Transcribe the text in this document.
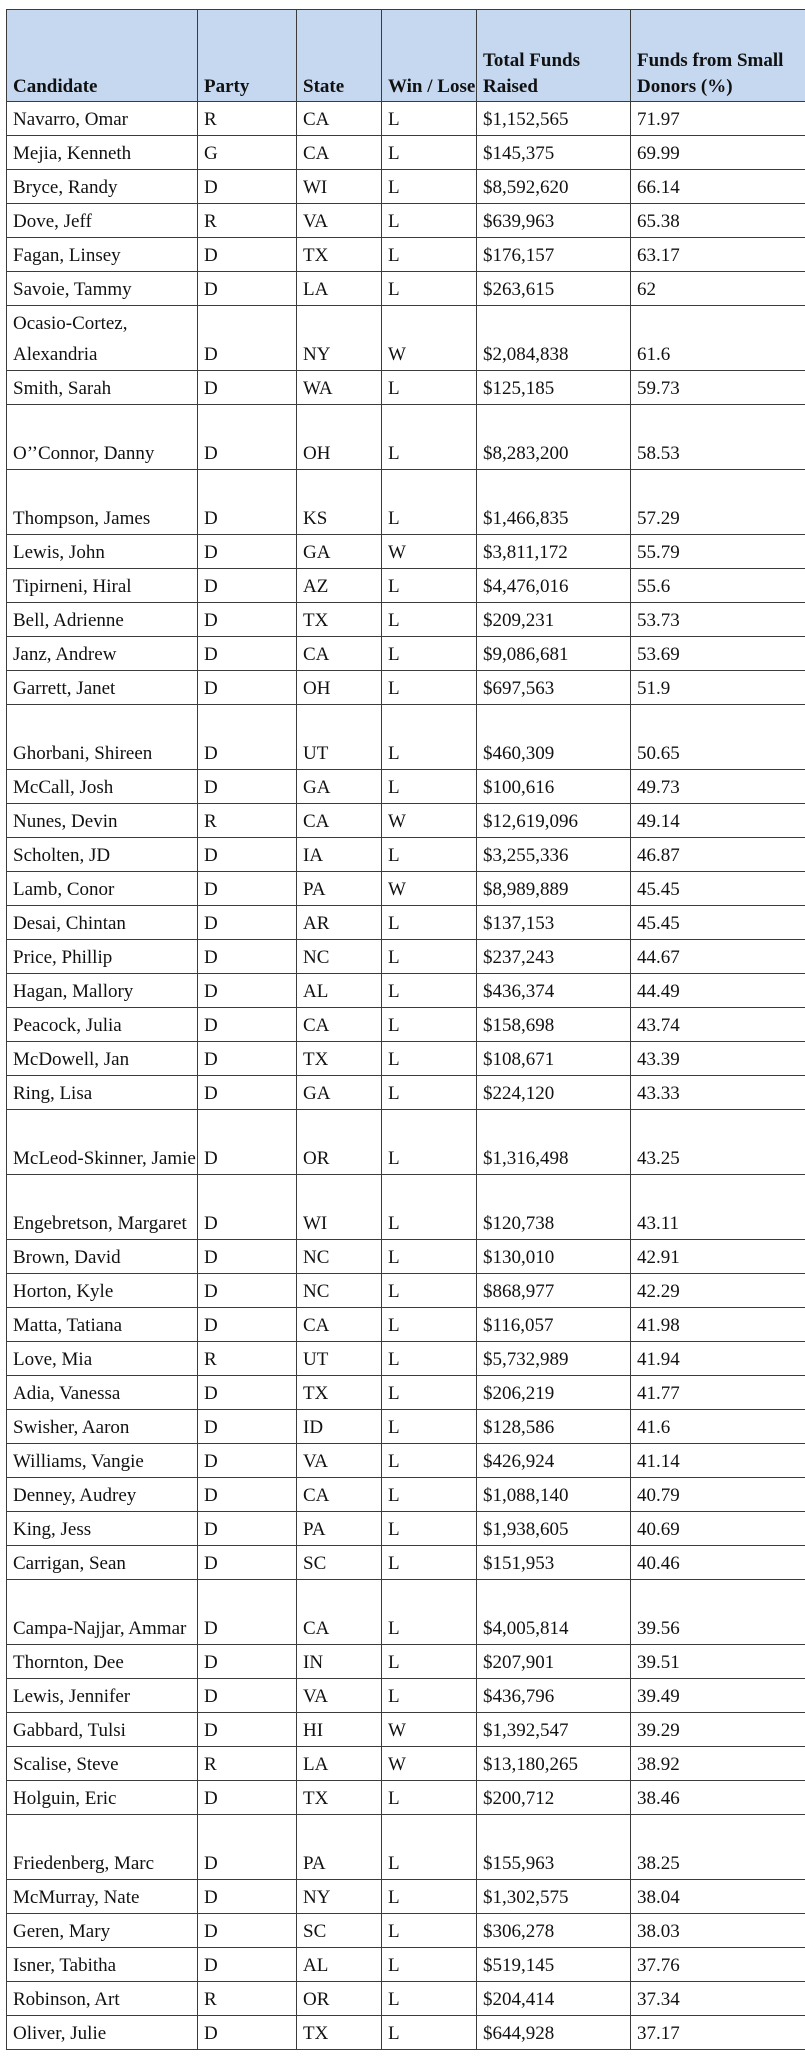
Candidate	Party	State	Win / Lose	Total Funds Raised	Funds from Small Donors (%)
Navarro, Omar	R	CA	L	$1,152,565	71.97
Mejia, Kenneth	G	CA	L	$145,375	69.99
Bryce, Randy	D	WI	L	$8,592,620	66.14
Dove, Jeff	R	VA	L	$639,963	65.38
Fagan, Linsey	D	TX	L	$176,157	63.17
Savoie, Tammy	D	LA	L	$263,615	62
Ocasio-Cortez, Alexandria	D	NY	W	$2,084,838	61.6
Smith, Sarah	D	WA	L	$125,185	59.73
O’’Connor, Danny	D	OH	L	$8,283,200	58.53
Thompson, James	D	KS	L	$1,466,835	57.29
Lewis, John	D	GA	W	$3,811,172	55.79
Tipirneni, Hiral	D	AZ	L	$4,476,016	55.6
Bell, Adrienne	D	TX	L	$209,231	53.73
Janz, Andrew	D	CA	L	$9,086,681	53.69
Garrett, Janet	D	OH	L	$697,563	51.9
Ghorbani, Shireen	D	UT	L	$460,309	50.65
McCall, Josh	D	GA	L	$100,616	49.73
Nunes, Devin	R	CA	W	$12,619,096	49.14
Scholten, JD	D	IA	L	$3,255,336	46.87
Lamb, Conor	D	PA	W	$8,989,889	45.45
Desai, Chintan	D	AR	L	$137,153	45.45
Price, Phillip	D	NC	L	$237,243	44.67
Hagan, Mallory	D	AL	L	$436,374	44.49
Peacock, Julia	D	CA	L	$158,698	43.74
McDowell, Jan	D	TX	L	$108,671	43.39
Ring, Lisa	D	GA	L	$224,120	43.33
McLeod-Skinner, Jamie	D	OR	L	$1,316,498	43.25
Engebretson, Margaret	D	WI	L	$120,738	43.11
Brown, David	D	NC	L	$130,010	42.91
Horton, Kyle	D	NC	L	$868,977	42.29
Matta, Tatiana	D	CA	L	$116,057	41.98
Love, Mia	R	UT	L	$5,732,989	41.94
Adia, Vanessa	D	TX	L	$206,219	41.77
Swisher, Aaron	D	ID	L	$128,586	41.6
Williams, Vangie	D	VA	L	$426,924	41.14
Denney, Audrey	D	CA	L	$1,088,140	40.79
King, Jess	D	PA	L	$1,938,605	40.69
Carrigan, Sean	D	SC	L	$151,953	40.46
Campa-Najjar, Ammar	D	CA	L	$4,005,814	39.56
Thornton, Dee	D	IN	L	$207,901	39.51
Lewis, Jennifer	D	VA	L	$436,796	39.49
Gabbard, Tulsi	D	HI	W	$1,392,547	39.29
Scalise, Steve	R	LA	W	$13,180,265	38.92
Holguin, Eric	D	TX	L	$200,712	38.46
Friedenberg, Marc	D	PA	L	$155,963	38.25
McMurray, Nate	D	NY	L	$1,302,575	38.04
Geren, Mary	D	SC	L	$306,278	38.03
Isner, Tabitha	D	AL	L	$519,145	37.76
Robinson, Art	R	OR	L	$204,414	37.34
Oliver, Julie	D	TX	L	$644,928	37.17
